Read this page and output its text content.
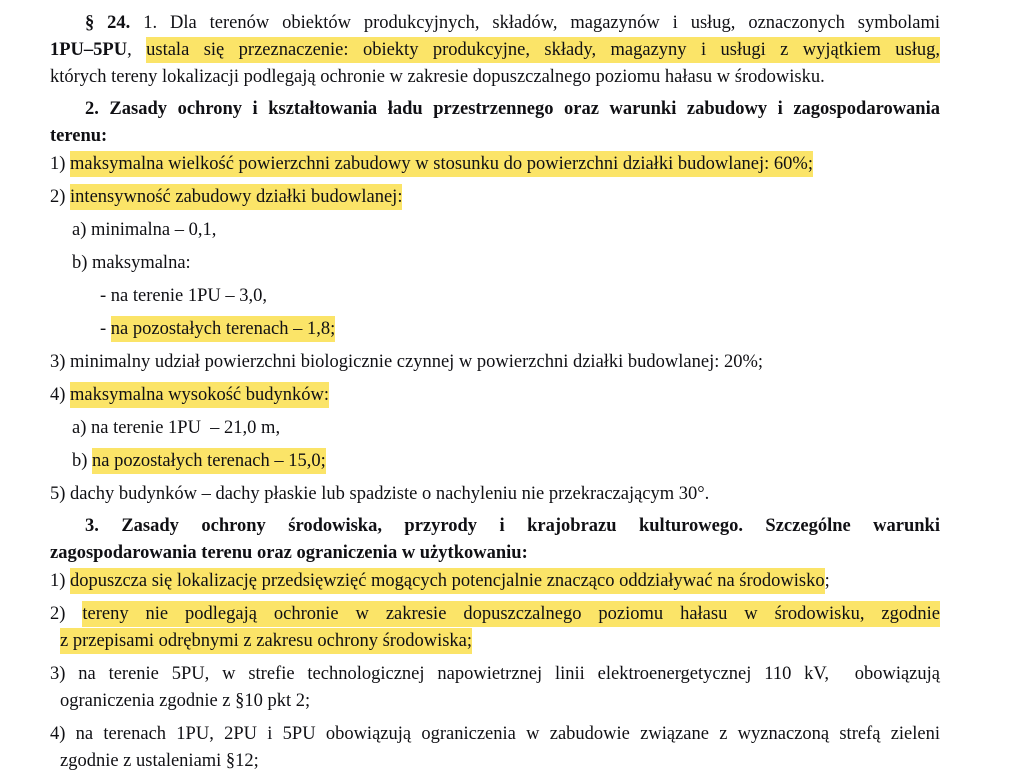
§ 24. 1. Dla terenów obiektów produkcyjnych, składów, magazynów i usług, oznaczonych symbolami
1PU–5PU, ustala się przeznaczenie: obiekty produkcyjne, składy, magazyny i usługi z wyjątkiem usług,
których tereny lokalizacji podlegają ochronie w zakresie dopuszczalnego poziomu hałasu w środowisku.
2. Zasady ochrony i kształtowania ładu przestrzennego oraz warunki zabudowy i zagospodarowania
terenu:
1) maksymalna wielkość powierzchni zabudowy w stosunku do powierzchni działki budowlanej: 60%;
2) intensywność zabudowy działki budowlanej:
a) minimalna – 0,1,
b) maksymalna:
- na terenie 1PU – 3,0,
- na pozostałych terenach – 1,8;
3) minimalny udział powierzchni biologicznie czynnej w powierzchni działki budowlanej: 20%;
4) maksymalna wysokość budynków:
a) na terenie 1PU  – 21,0 m,
b) na pozostałych terenach – 15,0;
5) dachy budynków – dachy płaskie lub spadziste o nachyleniu nie przekraczającym 30°.
3. Zasady ochrony środowiska, przyrody i krajobrazu kulturowego. Szczególne warunki
zagospodarowania terenu oraz ograniczenia w użytkowaniu:
1) dopuszcza się lokalizację przedsięwzięć mogących potencjalnie znacząco oddziaływać na środowisko;
2) tereny nie podlegają ochronie w zakresie dopuszczalnego poziomu hałasu w środowisku, zgodnie
z przepisami odrębnymi z zakresu ochrony środowiska;
3) na terenie 5PU, w strefie technologicznej napowietrznej linii elektroenergetycznej 110 kV,  obowiązują
ograniczenia zgodnie z §10 pkt 2;
4) na terenach 1PU, 2PU i 5PU obowiązują ograniczenia w zabudowie związane z wyznaczoną strefą zieleni
zgodnie z ustaleniami §12;
